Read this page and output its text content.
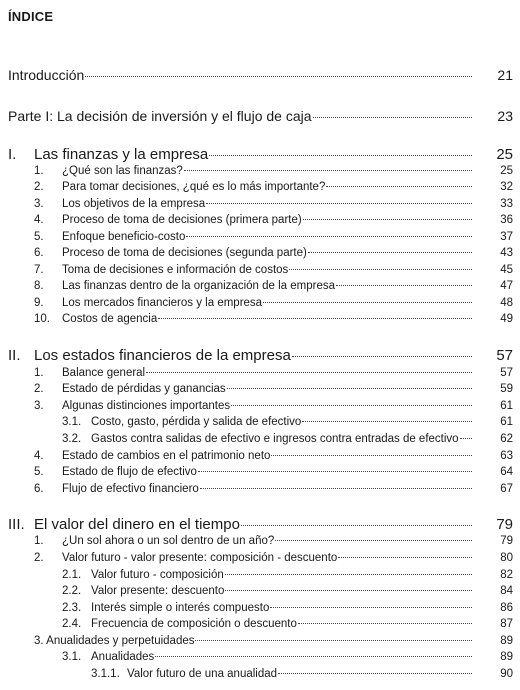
ÍNDICE
Introducción	21
Parte I: La decisión de inversión y el flujo de caja	23
I. Las finanzas y la empresa	25
1. ¿Qué son las finanzas?	25
2. Para tomar decisiones, ¿qué es lo más importante?	32
3. Los objetivos de la empresa	33
4. Proceso de toma de decisiones (primera parte)	36
5. Enfoque beneficio-costo	37
6. Proceso de toma de decisiones (segunda parte)	43
7. Toma de decisiones e información de costos	45
8. Las finanzas dentro de la organización de la empresa	47
9. Los mercados financieros y la empresa	48
10. Costos de agencia	49
II. Los estados financieros de la empresa	57
1. Balance general	57
2. Estado de pérdidas y ganancias	59
3. Algunas distinciones importantes	61
3.1. Costo, gasto, pérdida y salida de efectivo	61
3.2. Gastos contra salidas de efectivo e ingresos contra entradas de efectivo	62
4. Estado de cambios en el patrimonio neto	63
5. Estado de flujo de efectivo	64
6. Flujo de efectivo financiero	67
III. El valor del dinero en el tiempo	79
1. ¿Un sol ahora o un sol dentro de un año?	79
2. Valor futuro - valor presente: composición - descuento	80
2.1. Valor futuro - composición	82
2.2. Valor presente: descuento	84
2.3. Interés simple o interés compuesto	86
2.4. Frecuencia de composición o descuento	87
3. Anualidades y perpetuidades	89
3.1. Anualidades	89
3.1.1. Valor futuro de una anualidad	90
